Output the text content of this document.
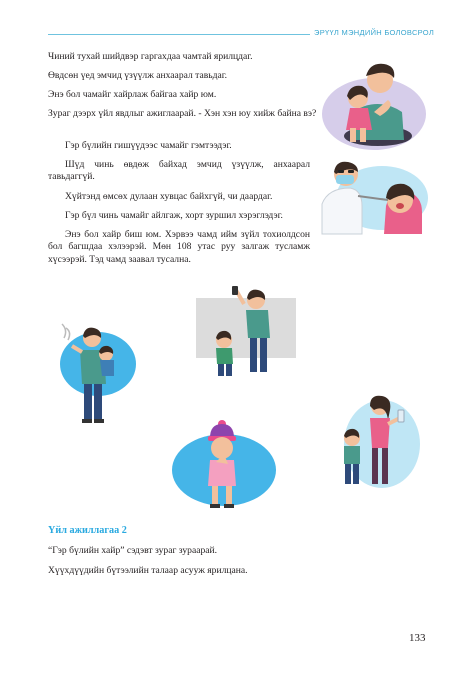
ЭРҮҮЛ МЭНДИЙН БОЛОВСРОЛ

Чиний тухай шийдвэр гаргахдаа чамтай ярилцдаг.

Өвдсөн үед эмчид үзүүлж анхаарал тавьдаг.

Энэ бол чамайг хайрлаж байгаа хайр юм.

Зураг дээрх үйл явдлыг ажиглаарай. - Хэн хэн юу хийж байна вэ?

Гэр бүлийн гишүүдээс чамайг гэмтээдэг.

Шүд чинь өвдөж байхад эмчид үзүүлж, анхаарал тавьдаггүй.

Хүйтэнд өмсөх дулаан хувцас байхгүй, чи даардаг.

Гэр бүл чинь чамайг айлгаж, хорт зуршил хэрэглэдэг.

Энэ бол хайр биш юм. Хэрвээ чамд ийм зүйл тохиолдсон бол багшдаа хэлээрэй. Мөн 108 утас руу залгаж тусламж хүсээрэй. Тэд чамд заавал тусална.

Үйл ажиллагаа 2

“Гэр бүлийн хайр” сэдэвт зураг зураарай.

Хүүхдүүдийн бүтээлийн талаар асууж ярилцана.

133
